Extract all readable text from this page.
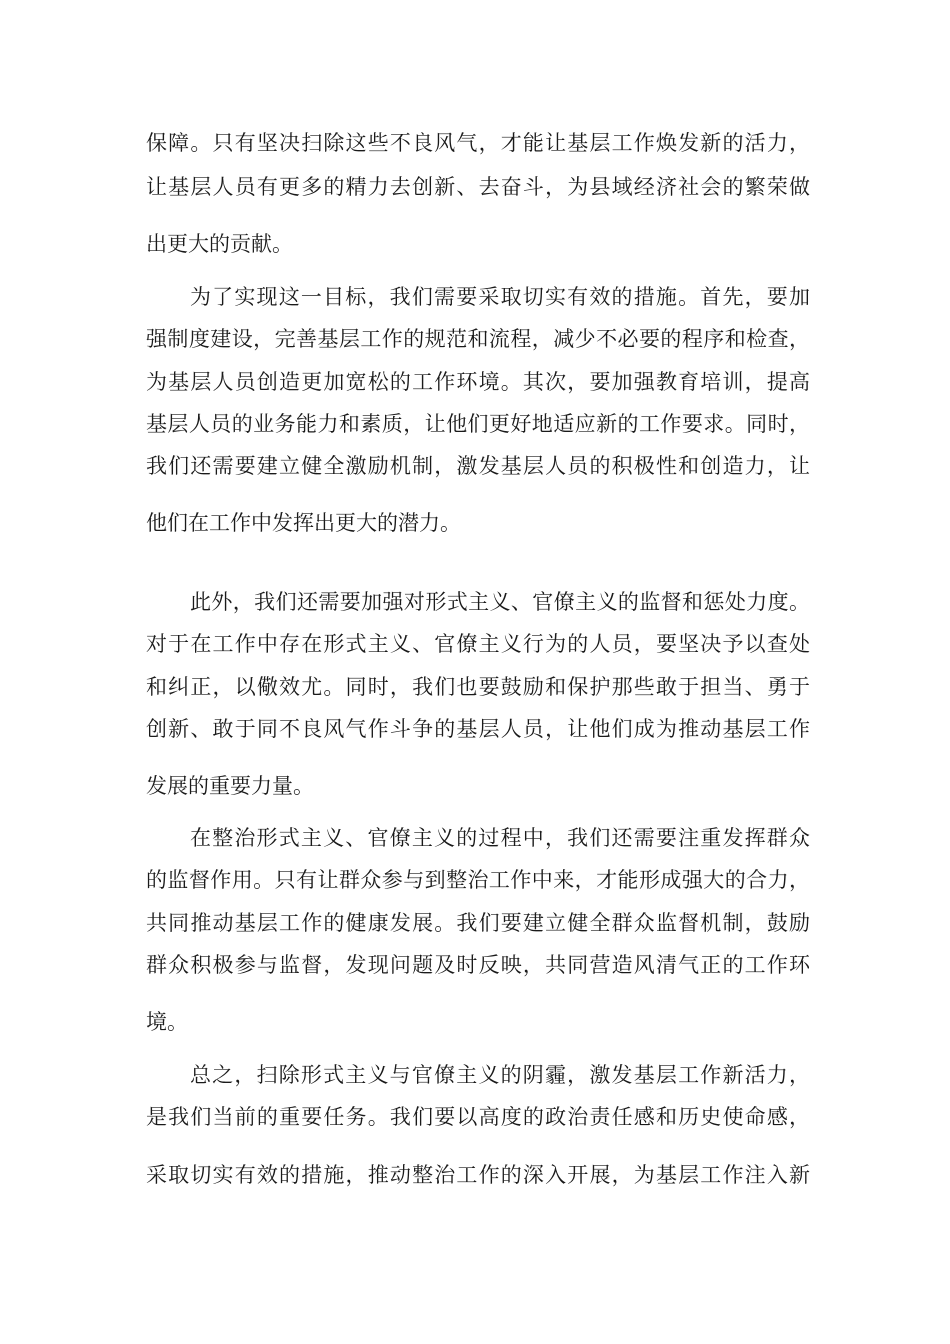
保障。只有坚决扫除这些不良风气，才能让基层工作焕发新的活力，
让基层人员有更多的精力去创新、去奋斗，为县域经济社会的繁荣做
出更大的贡献。
为了实现这一目标，我们需要采取切实有效的措施。首先，要加
强制度建设，完善基层工作的规范和流程，减少不必要的程序和检查，
为基层人员创造更加宽松的工作环境。其次，要加强教育培训，提高
基层人员的业务能力和素质，让他们更好地适应新的工作要求。同时，
我们还需要建立健全激励机制，激发基层人员的积极性和创造力，让
他们在工作中发挥出更大的潜力。
此外，我们还需要加强对形式主义、官僚主义的监督和惩处力度。
对于在工作中存在形式主义、官僚主义行为的人员，要坚决予以查处
和纠正，以儆效尤。同时，我们也要鼓励和保护那些敢于担当、勇于
创新、敢于同不良风气作斗争的基层人员，让他们成为推动基层工作
发展的重要力量。
在整治形式主义、官僚主义的过程中，我们还需要注重发挥群众
的监督作用。只有让群众参与到整治工作中来，才能形成强大的合力，
共同推动基层工作的健康发展。我们要建立健全群众监督机制，鼓励
群众积极参与监督，发现问题及时反映，共同营造风清气正的工作环
境。
总之，扫除形式主义与官僚主义的阴霾，激发基层工作新活力，
是我们当前的重要任务。我们要以高度的政治责任感和历史使命感，
采取切实有效的措施，推动整治工作的深入开展，为基层工作注入新
